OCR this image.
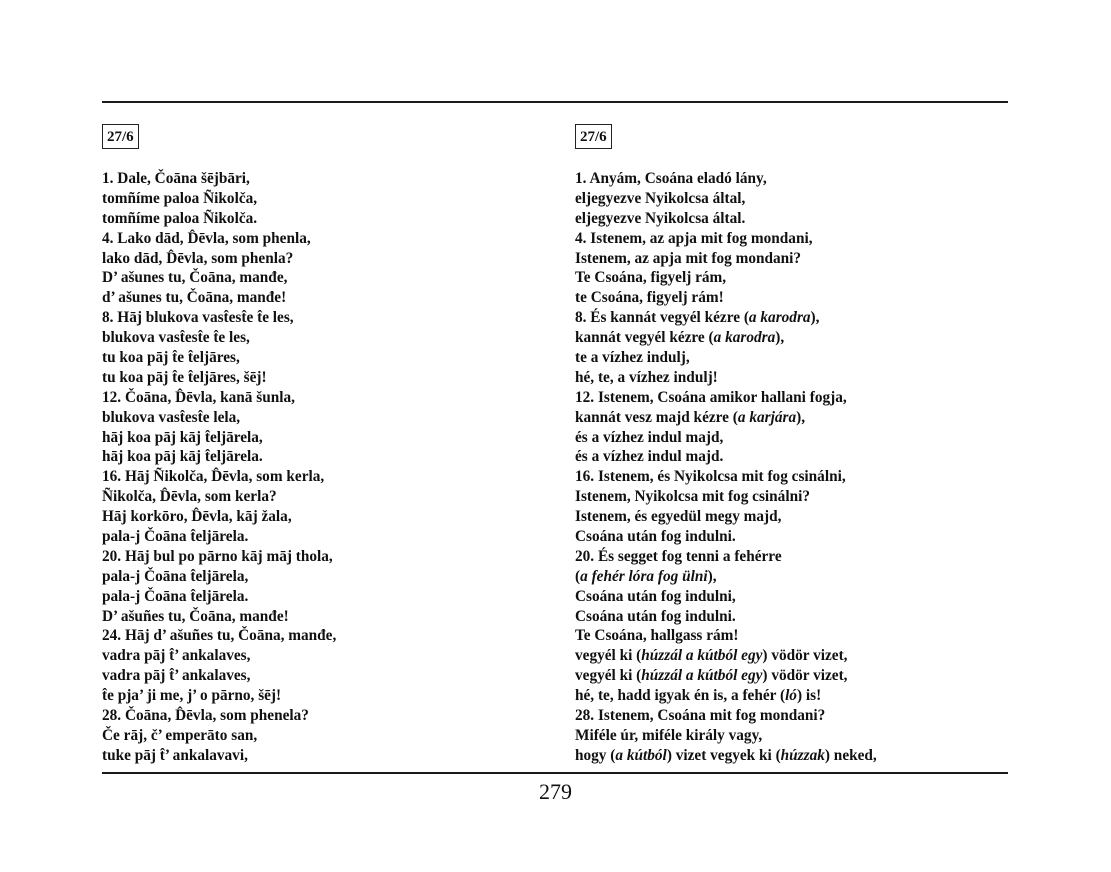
27/6
1. Dale, Čoāna šējbāri,
tomñíme paloa Ñikolča,
tomñíme paloa Ñikolča.
4. Lako dād, D̂ēvla, som phenla,
lako dād, D̂ēvla, som phenla?
D’ ašunes tu, Čoāna, manđe,
d’ ašunes tu, Čoāna, manđe!
8. Hāj blukova vast̂est̂e t̂e les,
blukova vast̂est̂e t̂e les,
tu koa pāj t̂e t̂eljāres,
tu koa pāj t̂e t̂eljāres, šēj!
12. Čoāna, D̂ēvla, kanā šunla,
blukova vast̂est̂e lela,
hāj koa pāj kāj t̂eljārela,
hāj koa pāj kāj t̂eljārela.
16. Hāj Ñikolča, D̂ēvla, som kerla,
Ñikolča, D̂ēvla, som kerla?
Hāj korkōro, D̂ēvla, kāj žala,
pala-j Čoāna t̂eljārela.
20. Hāj bul po pārno kāj māj thola,
pala-j Čoāna t̂eljārela,
pala-j Čoāna t̂eljārela.
D’ ašuñes tu, Čoāna, manđe!
24. Hāj d’ ašuñes tu, Čoāna, manđe,
vadra pāj t̂’ ankalaves,
vadra pāj t̂’ ankalaves,
t̂e pja’ ji me, j’ o pārno, šēj!
28. Čoāna, D̂ēvla, som phenela?
Če rāj, č’ emperāto san,
tuke pāj t̂’ ankalavavi,
27/6
1. Anyám, Csoána eladó lány,
eljegyezve Nyikolcsa által,
eljegyezve Nyikolcsa által.
4. Istenem, az apja mit fog mondani,
Istenem, az apja mit fog mondani?
Te Csoána, figyelj rám,
te Csoána, figyelj rám!
8. És kannát vegyél kézre (a karodra),
kannát vegyél kézre (a karodra),
te a vízhez indulj,
hé, te, a vízhez indulj!
12. Istenem, Csoána amikor hallani fogja,
kannát vesz majd kézre (a karjára),
és a vízhez indul majd,
és a vízhez indul majd.
16. Istenem, és Nyikolcsa mit fog csinálni,
Istenem, Nyikolcsa mit fog csinálni?
Istenem, és egyedül megy majd,
Csoána után fog indulni.
20. És segget fog tenni a fehérre
(a fehér lóra fog ülni),
Csoána után fog indulni,
Csoána után fog indulni.
Te Csoána, hallgass rám!
vegyél ki (húzzál a kútból egy) vödör vizet,
vegyél ki (húzzál a kútból egy) vödör vizet,
hé, te, hadd igyak én is, a fehér (ló) is!
28. Istenem, Csoána mit fog mondani?
Miféle úr, miféle király vagy,
hogy (a kútból) vizet vegyek ki (húzzak) neked,
279
